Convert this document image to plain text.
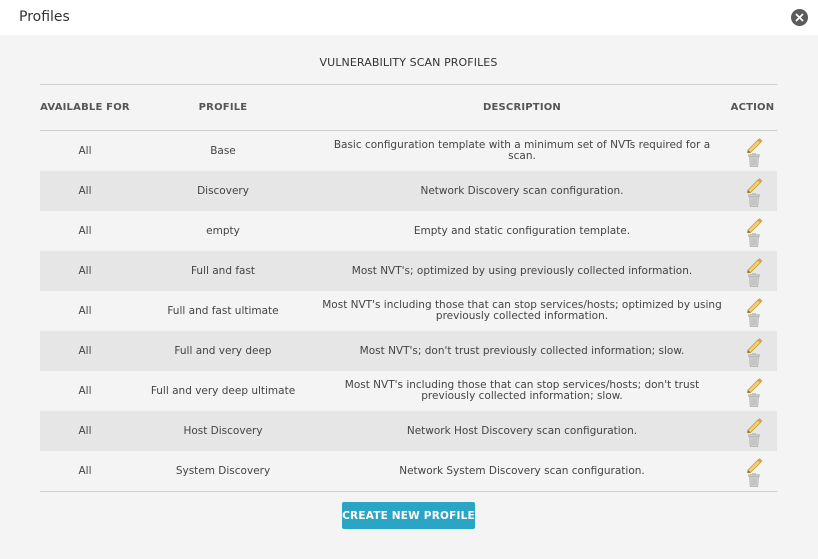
Profiles
VULNERABILITY SCAN PROFILES
AVAILABLE FOR	PROFILE	DESCRIPTION	ACTION
All	Base	Basic configuration template with a minimum set of NVTs required for a scan.
All	Discovery	Network Discovery scan configuration.
All	empty	Empty and static configuration template.
All	Full and fast	Most NVT's; optimized by using previously collected information.
All	Full and fast ultimate	Most NVT's including those that can stop services/hosts; optimized by using previously collected information.
All	Full and very deep	Most NVT's; don't trust previously collected information; slow.
All	Full and very deep ultimate	Most NVT's including those that can stop services/hosts; don't trust previously collected information; slow.
All	Host Discovery	Network Host Discovery scan configuration.
All	System Discovery	Network System Discovery scan configuration.
CREATE NEW PROFILE
